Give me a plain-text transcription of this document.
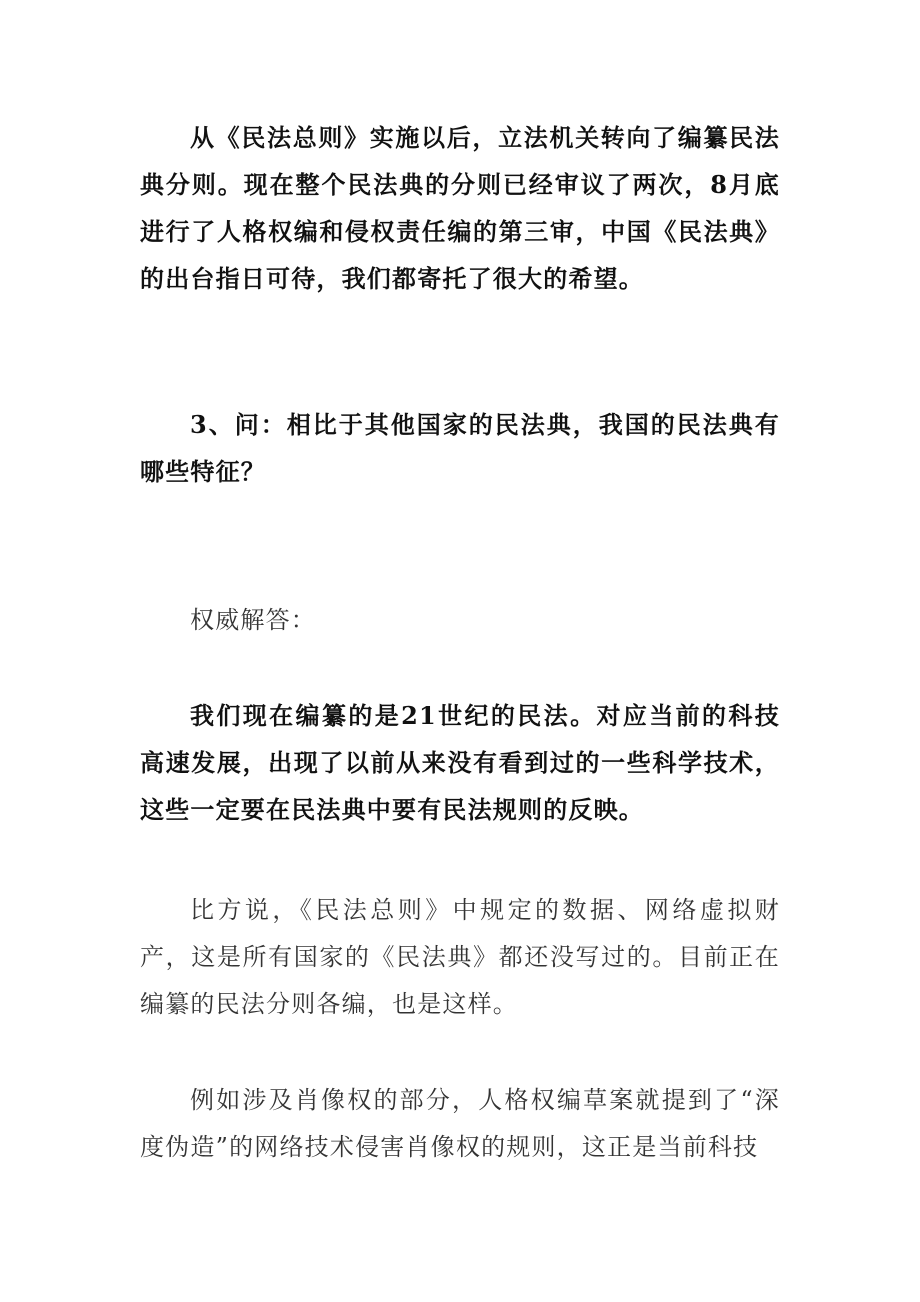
从《民法总则》实施以后，立法机关转向了编纂民法典分则。现在整个民法典的分则已经审议了两次，8月底进行了人格权编和侵权责任编的第三审，中国《民法典》的出台指日可待，我们都寄托了很大的希望。

3、问：相比于其他国家的民法典，我国的民法典有哪些特征？

权威解答：

我们现在编纂的是21世纪的民法。对应当前的科技高速发展，出现了以前从来没有看到过的一些科学技术，这些一定要在民法典中要有民法规则的反映。

比方说，《民法总则》中规定的数据、网络虚拟财产，这是所有国家的《民法典》都还没写过的。目前正在编纂的民法分则各编，也是这样。

例如涉及肖像权的部分，人格权编草案就提到了“深度伪造”的网络技术侵害肖像权的规则，这正是当前科技
